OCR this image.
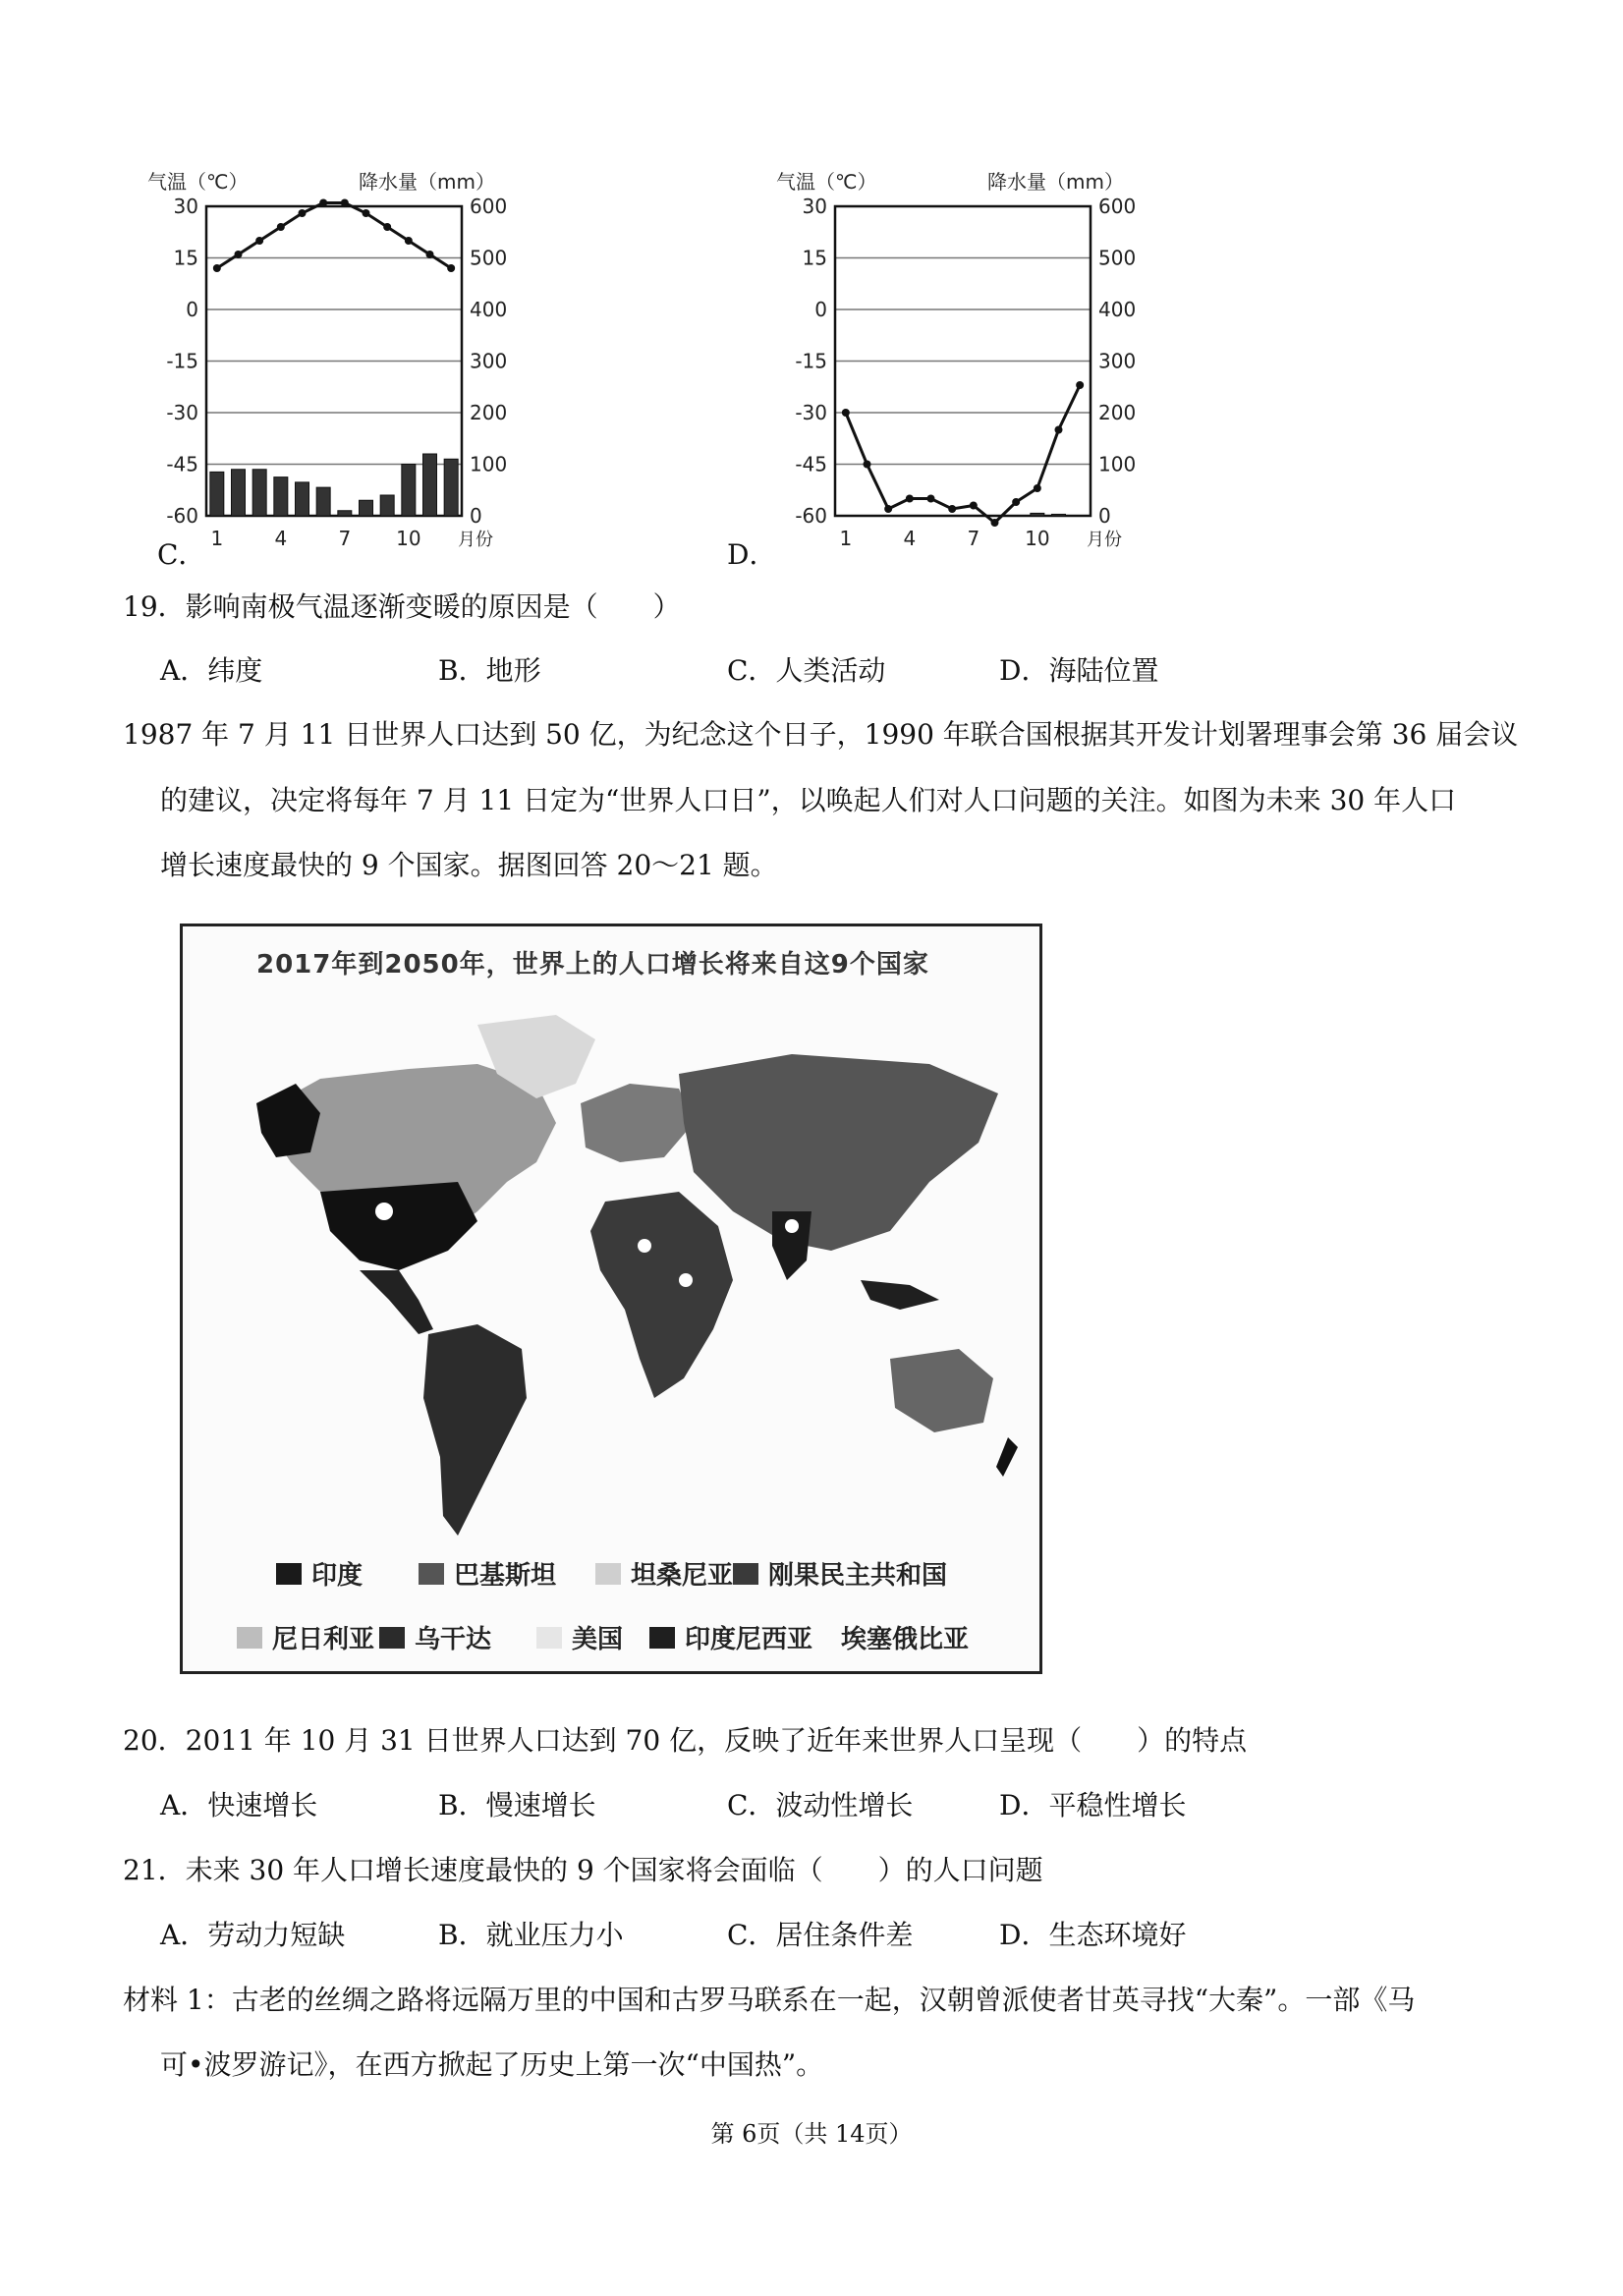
气温（℃）	降水量（mm）
30
15
0
-15
-30
-45
-60
600
500
400
300
200
100
0
1	4	7 10 月份
C．
气温（℃）	降水量（mm）
30
15
0
-15
-30
-45
-60
600
500
400
300
200
100
0
1	4	7 10 月份
D．
19．影响南极气温逐渐变暖的原因是（　　）
A．纬度	B．地形	C．人类活动	D．海陆位置
1987 年 7 月 11 日世界人口达到 50 亿，为纪念这个日子，1990 年联合国根据其开发计划署理事会第 36 届会议
的建议，决定将每年 7 月 11 日定为“世界人口日”，以唤起人们对人口问题的关注。如图为未来 30 年人口
增长速度最快的 9 个国家。据图回答 20～21 题。
2017年到2050年，世界上的人口增长将来自这9个国家
印度	巴基斯坦	坦桑尼亚 刚果民主共和国
尼日利亚 乌干达	美国 印度尼西亚 埃塞俄比亚
20．2011 年 10 月 31 日世界人口达到 70 亿，反映了近年来世界人口呈现（　　）的特点
A．快速增长	B．慢速增长	C．波动性增长	D．平稳性增长
21．未来 30 年人口增长速度最快的 9 个国家将会面临（　　）的人口问题
A．劳动力短缺	B．就业压力小	C．居住条件差	D．生态环境好
材料 1：古老的丝绸之路将远隔万里的中国和古罗马联系在一起，汉朝曾派使者甘英寻找“大秦”。一部《马
可•波罗游记》，在西方掀起了历史上第一次“中国热”。
第 6页（共 14页）
